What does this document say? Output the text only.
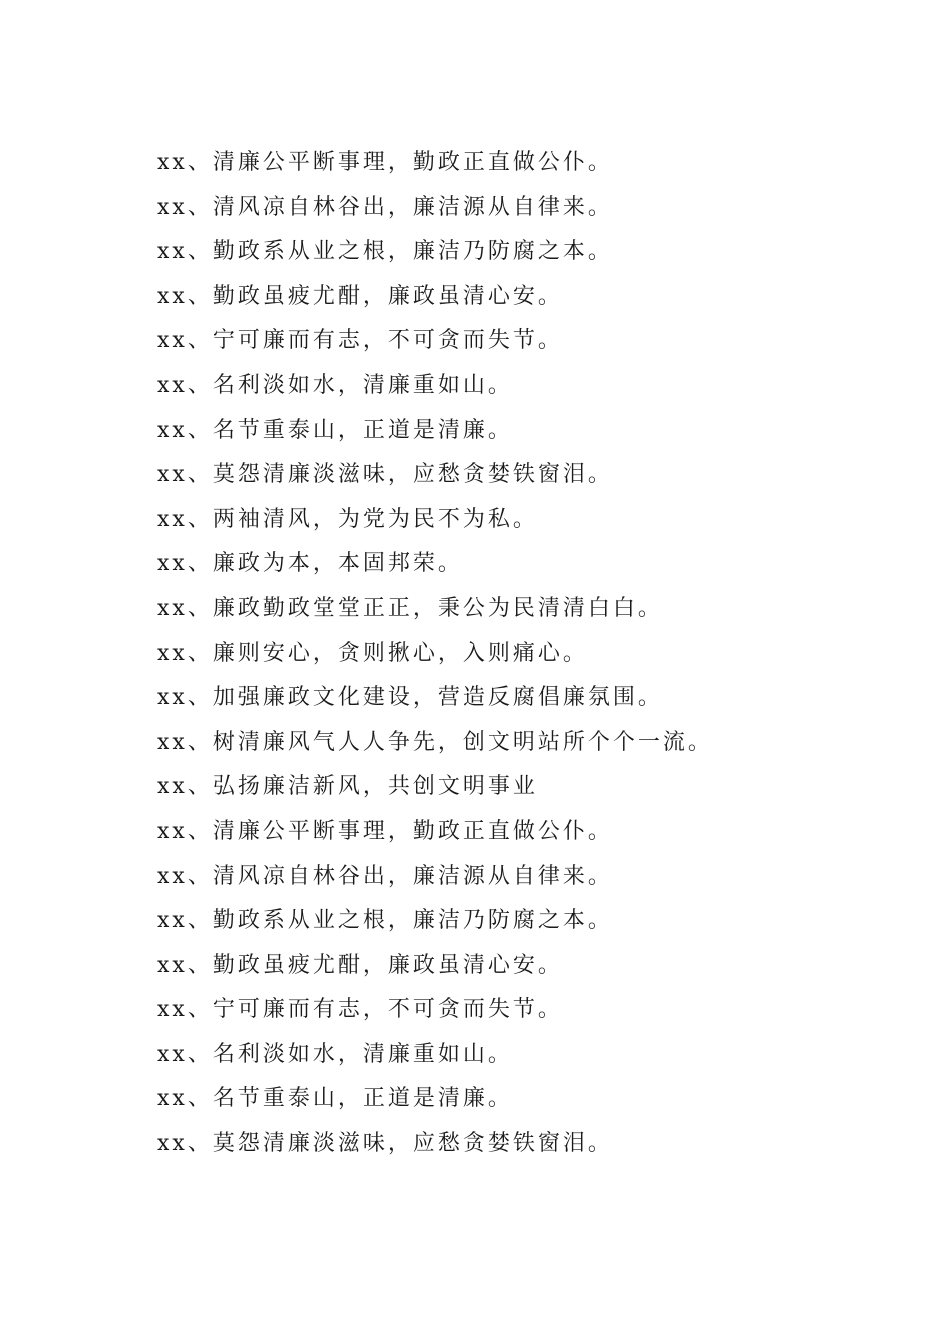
xx、清廉公平断事理，勤政正直做公仆。
xx、清风凉自林谷出，廉洁源从自律来。
xx、勤政系从业之根，廉洁乃防腐之本。
xx、勤政虽疲尤酣，廉政虽清心安。
xx、宁可廉而有志，不可贪而失节。
xx、名利淡如水，清廉重如山。
xx、名节重泰山，正道是清廉。
xx、莫怨清廉淡滋味，应愁贪婪铁窗泪。
xx、两袖清风，为党为民不为私。
xx、廉政为本，本固邦荣。
xx、廉政勤政堂堂正正，秉公为民清清白白。
xx、廉则安心，贪则揪心，入则痛心。
xx、加强廉政文化建设，营造反腐倡廉氛围。
xx、树清廉风气人人争先，创文明站所个个一流。
xx、弘扬廉洁新风，共创文明事业
xx、清廉公平断事理，勤政正直做公仆。
xx、清风凉自林谷出，廉洁源从自律来。
xx、勤政系从业之根，廉洁乃防腐之本。
xx、勤政虽疲尤酣，廉政虽清心安。
xx、宁可廉而有志，不可贪而失节。
xx、名利淡如水，清廉重如山。
xx、名节重泰山，正道是清廉。
xx、莫怨清廉淡滋味，应愁贪婪铁窗泪。
